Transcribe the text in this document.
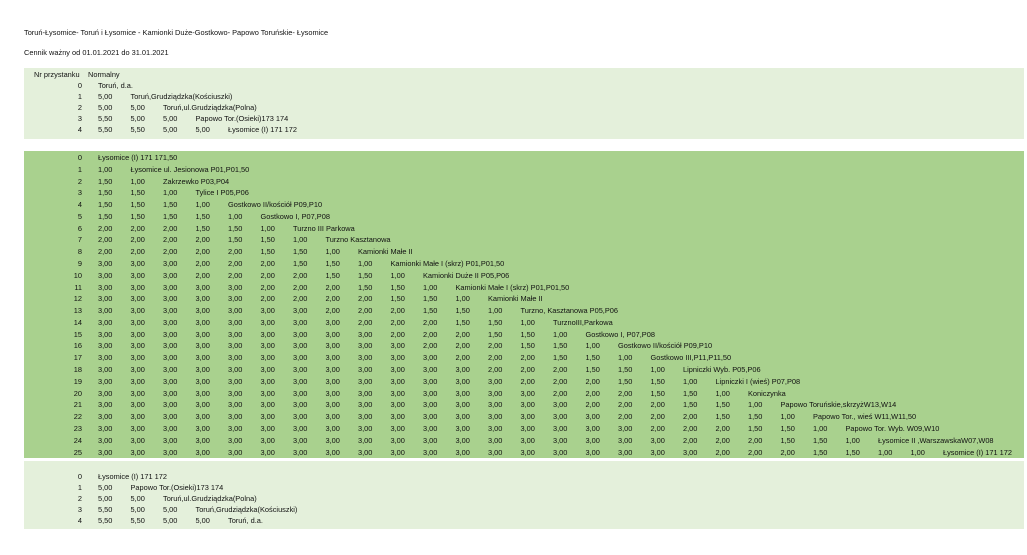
Toruń-Łysomice- Toruń i Łysomice - Kamionki Duże-Gostkowo- Papowo Toruńskie- Łysomice
Cennik ważny od 01.01.2021 do 31.01.2021
Nr przystanku Normalny
0 Toruń, d.a.
1 5,00 Toruń,Grudziądzka(Kościuszki)
2 5,00 5,00 Toruń,ul.Grudziądzka(Polna)
3 5,50 5,00 5,00 Papowo Tor.(Osieki)173 174
4 5,50 5,50 5,00 5,00 Łysomice (I) 171 172
0 Łysomice (I) 171 171,50
1 1,00 Łysomice ul. Jesionowa P01,P01,50
2 1,50 1,00 Zakrzewko P03,P04
3 1,50 1,50 1,00 Tylice I P05,P06
4 1,50 1,50 1,50 1,00 Gostkowo II/kościół P09,P10
5 1,50 1,50 1,50 1,50 1,00 Gostkowo I, P07,P08
6 2,00 2,00 2,00 1,50 1,50 1,00 Turzno III Parkowa
7 2,00 2,00 2,00 2,00 1,50 1,50 1,00 Turzno Kasztanowa
8 2,00 2,00 2,00 2,00 2,00 1,50 1,50 1,00 Kamionki Małe II
9 3,00 3,00 3,00 2,00 2,00 2,00 1,50 1,50 1,00 Kamionki Małe I (skrz) P01,P01,50
10 3,00 3,00 3,00 2,00 2,00 2,00 2,00 1,50 1,50 1,00 Kamionki Duże II P05,P06
11 3,00 3,00 3,00 3,00 3,00 2,00 2,00 2,00 1,50 1,50 1,00 Kamionki Małe I (skrz) P01,P01,50
12 3,00 3,00 3,00 3,00 3,00 2,00 2,00 2,00 2,00 1,50 1,50 1,00 Kamionki Małe II
13 3,00 3,00 3,00 3,00 3,00 3,00 3,00 2,00 2,00 2,00 1,50 1,50 1,00 Turzno, Kasztanowa P05,P06
14 3,00 3,00 3,00 3,00 3,00 3,00 3,00 3,00 2,00 2,00 2,00 1,50 1,50 1,00 TurznoIII,Parkowa
15 3,00 3,00 3,00 3,00 3,00 3,00 3,00 3,00 3,00 2,00 2,00 2,00 1,50 1,50 1,00 Gostkowo I, P07,P08
16 3,00 3,00 3,00 3,00 3,00 3,00 3,00 3,00 3,00 3,00 2,00 2,00 2,00 1,50 1,50 1,00 Gostkowo II/kościół P09,P10
17 3,00 3,00 3,00 3,00 3,00 3,00 3,00 3,00 3,00 3,00 3,00 2,00 2,00 2,00 1,50 1,50 1,00 Gostkowo III,P11,P11,50
18 3,00 3,00 3,00 3,00 3,00 3,00 3,00 3,00 3,00 3,00 3,00 3,00 2,00 2,00 2,00 1,50 1,50 1,00 Lipniczki Wyb. P05,P06
19 3,00 3,00 3,00 3,00 3,00 3,00 3,00 3,00 3,00 3,00 3,00 3,00 3,00 2,00 2,00 2,00 1,50 1,50 1,00 Lipniczki I (wieś) P07,P08
20 3,00 3,00 3,00 3,00 3,00 3,00 3,00 3,00 3,00 3,00 3,00 3,00 3,00 3,00 2,00 2,00 2,00 1,50 1,50 1,00 Koniczynka
21 3,00 3,00 3,00 3,00 3,00 3,00 3,00 3,00 3,00 3,00 3,00 3,00 3,00 3,00 3,00 2,00 2,00 2,00 1,50 1,50 1,00 Papowo Toruńskie,skrzyżW13,W14
22 3,00 3,00 3,00 3,00 3,00 3,00 3,00 3,00 3,00 3,00 3,00 3,00 3,00 3,00 3,00 3,00 2,00 2,00 2,00 1,50 1,50 1,00 Papowo Tor., wieś W11,W11,50
23 3,00 3,00 3,00 3,00 3,00 3,00 3,00 3,00 3,00 3,00 3,00 3,00 3,00 3,00 3,00 3,00 3,00 2,00 2,00 2,00 1,50 1,50 1,00 Papowo Tor. Wyb. W09,W10
24 3,00 3,00 3,00 3,00 3,00 3,00 3,00 3,00 3,00 3,00 3,00 3,00 3,00 3,00 3,00 3,00 3,00 3,00 2,00 2,00 2,00 1,50 1,50 1,00 Łysomice II ,WarszawskaW07,W08
25 3,00 3,00 3,00 3,00 3,00 3,00 3,00 3,00 3,00 3,00 3,00 3,00 3,00 3,00 3,00 3,00 3,00 3,00 3,00 2,00 2,00 2,00 1,50 1,50 1,00 1,00 Łysomice (I) 171 172
0 Łysomice (I) 171 172
1 5,00 Papowo Tor.(Osieki)173 174
2 5,00 5,00 Toruń,ul.Grudziądzka(Polna)
3 5,50 5,00 5,00 Toruń,Grudziądzka(Kościuszki)
4 5,50 5,50 5,00 5,00 Toruń, d.a.
